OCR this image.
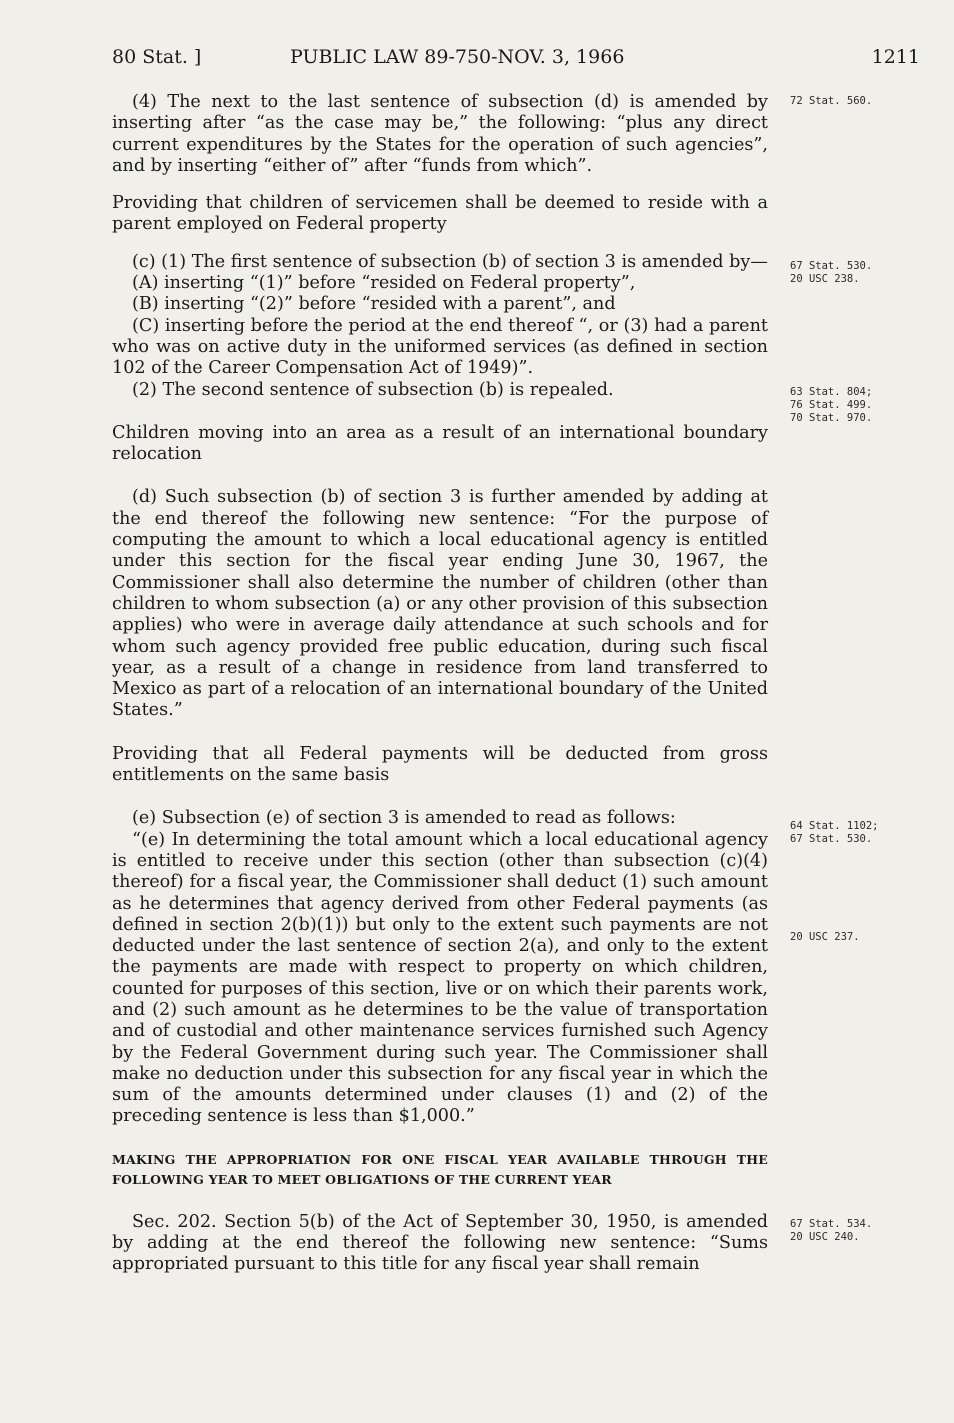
80 Stat. ]	PUBLIC LAW 89-750-NOV. 3, 1966	1211

(4) The next to the last sentence of subsection (d) is amended by inserting after “as the case may be,” the following: “plus any direct current expenditures by the States for the operation of such agencies”, and by inserting “either of” after “funds from which”.

Providing that children of servicemen shall be deemed to reside with a parent employed on Federal property

(c) (1) The first sentence of subsection (b) of section 3 is amended by—

(A) inserting “(1)” before “resided on Federal property”,

(B) inserting “(2)” before “resided with a parent”, and

(C) inserting before the period at the end thereof “, or (3) had a parent who was on active duty in the uniformed services (as defined in section 102 of the Career Compensation Act of 1949)”.

(2) The second sentence of subsection (b) is repealed.

Children moving into an area as a result of an international boundary relocation

(d) Such subsection (b) of section 3 is further amended by adding at the end thereof the following new sentence: “For the purpose of computing the amount to which a local educational agency is entitled under this section for the fiscal year ending June 30, 1967, the Commissioner shall also determine the number of children (other than children to whom subsection (a) or any other provision of this subsection applies) who were in average daily attendance at such schools and for whom such agency provided free public education, during such fiscal year, as a result of a change in residence from land transferred to Mexico as part of a relocation of an international boundary of the United States.”

Providing that all Federal payments will be deducted from gross entitlements on the same basis

(e) Subsection (e) of section 3 is amended to read as follows:

“(e) In determining the total amount which a local educational agency is entitled to receive under this section (other than subsection (c)(4) thereof) for a fiscal year, the Commissioner shall deduct (1) such amount as he determines that agency derived from other Federal payments (as defined in section 2(b)(1)) but only to the extent such payments are not deducted under the last sentence of section 2(a), and only to the extent the payments are made with respect to property on which children, counted for purposes of this section, live or on which their parents work, and (2) such amount as he determines to be the value of transportation and of custodial and other maintenance services furnished such Agency by the Federal Government during such year. The Commissioner shall make no deduction under this subsection for any fiscal year in which the sum of the amounts determined under clauses (1) and (2) of the preceding sentence is less than $1,000.”

MAKING THE APPROPRIATION FOR ONE FISCAL YEAR AVAILABLE THROUGH THE FOLLOWING YEAR TO MEET OBLIGATIONS OF THE CURRENT YEAR

Sec. 202. Section 5(b) of the Act of September 30, 1950, is amended by adding at the end thereof the following new sentence: “Sums appropriated pursuant to this title for any fiscal year shall remain

72 Stat. 560.
67 Stat. 530.
20 USC 238.
63 Stat. 804;
76 Stat. 499.
70 Stat. 970.
64 Stat. 1102;
67 Stat. 530.
20 USC 237.
67 Stat. 534.
20 USC 240.
